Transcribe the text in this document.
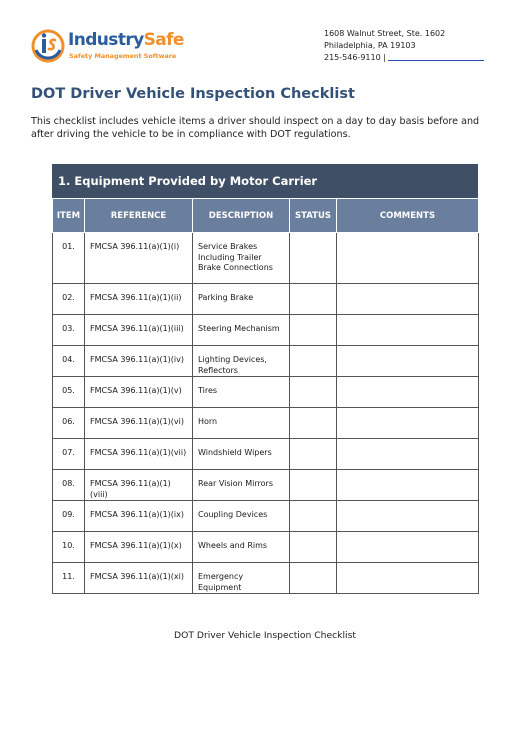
IndustrySafe
Safety Management Software
1608 Walnut Street, Ste. 1602
Philadelphia, PA 19103
215-546-9110 |
DOT Driver Vehicle Inspection Checklist
This checklist includes vehicle items a driver should inspect on a day to day basis before and after driving the vehicle to be in compliance with DOT regulations.
1. Equipment Provided by Motor Carrier
ITEM	REFERENCE	DESCRIPTION	STATUS	COMMENTS
01.	FMCSA 396.11(a)(1)(i)	Service Brakes Including Trailer Brake Connections		
02.	FMCSA 396.11(a)(1)(ii)	Parking Brake		
03.	FMCSA 396.11(a)(1)(iii)	Steering Mechanism		
04.	FMCSA 396.11(a)(1)(iv)	Lighting Devices, Reflectors		
05.	FMCSA 396.11(a)(1)(v)	Tires		
06.	FMCSA 396.11(a)(1)(vi)	Horn		
07.	FMCSA 396.11(a)(1)(vii)	Windshield Wipers		
08.	FMCSA 396.11(a)(1)(viii)	Rear Vision Mirrors		
09.	FMCSA 396.11(a)(1)(ix)	Coupling Devices		
10.	FMCSA 396.11(a)(1)(x)	Wheels and Rims		
11.	FMCSA 396.11(a)(1)(xi)	Emergency Equipment		
DOT Driver Vehicle Inspection Checklist
